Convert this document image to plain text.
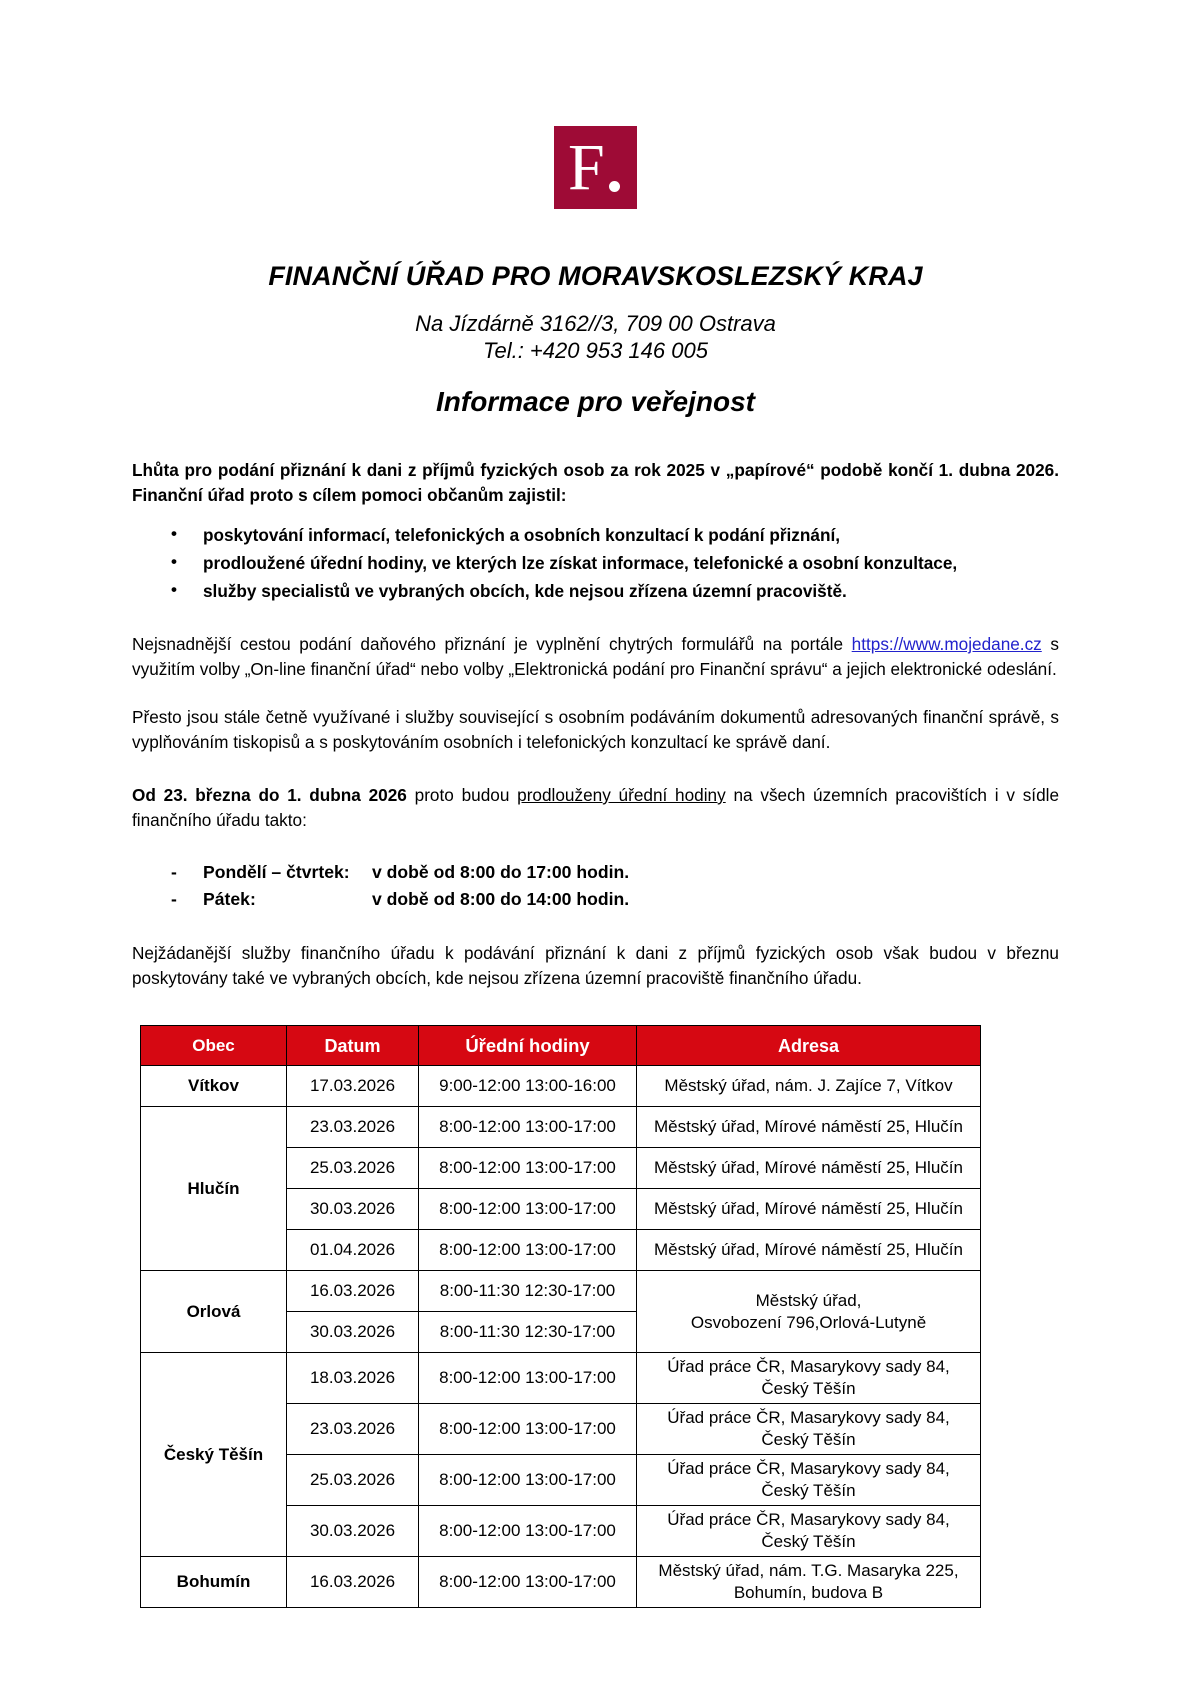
F
FINANČNÍ ÚŘAD PRO MORAVSKOSLEZSKÝ KRAJ

Na Jízdárně 3162//3, 709 00 Ostrava

Tel.: +420 953 146 005

Informace pro veřejnost

Lhůta pro podání přiznání k dani z příjmů fyzických osob za rok 2025 v „papírové“ podobě končí 1. dubna 2026. Finanční úřad proto s cílem pomoci občanům zajistil:

• poskytování informací, telefonických a osobních konzultací k podání přiznání,
• prodloužené úřední hodiny, ve kterých lze získat informace, telefonické a osobní konzultace,
• služby specialistů ve vybraných obcích, kde nejsou zřízena územní pracoviště.

Nejsnadnější cestou podání daňového přiznání je vyplnění chytrých formulářů na portále https://www.mojedane.cz s využitím volby „On-line finanční úřad“ nebo volby „Elektronická podání pro Finanční správu“ a jejich elektronické odeslání.

Přesto jsou stále četně využívané i služby související s osobním podáváním dokumentů adresovaných finanční správě, s vyplňováním tiskopisů a s poskytováním osobních i telefonických konzultací ke správě daní.

Od 23. března do 1. dubna 2026 proto budou prodlouženy úřední hodiny na všech územních pracovištích i v sídle finančního úřadu takto:

- Pondělí – čtvrtek: v době od 8:00 do 17:00 hodin.
- Pátek:	v době od 8:00 do 14:00 hodin.

Nejžádanější služby finančního úřadu k podávání přiznání k dani z příjmů fyzických osob však budou v březnu poskytovány také ve vybraných obcích, kde nejsou zřízena územní pracoviště finančního úřadu.

Obec	Datum	Úřední hodiny	Adresa
Vítkov	17.03.2026	9:00-12:00 13:00-16:00	Městský úřad, nám. J. Zajíce 7, Vítkov
Hlučín	23.03.2026	8:00-12:00 13:00-17:00	Městský úřad, Mírové náměstí 25, Hlučín
	25.03.2026	8:00-12:00 13:00-17:00	Městský úřad, Mírové náměstí 25, Hlučín
	30.03.2026	8:00-12:00 13:00-17:00	Městský úřad, Mírové náměstí 25, Hlučín
	01.04.2026	8:00-12:00 13:00-17:00	Městský úřad, Mírové náměstí 25, Hlučín
Orlová	16.03.2026	8:00-11:30 12:30-17:00	Městský úřad,
Osvobození 796,Orlová-Lutyně
	30.03.2026	8:00-11:30 12:30-17:00	
Český Těšín	18.03.2026	8:00-12:00 13:00-17:00	Úřad práce ČR, Masarykovy sady 84,
Český Těšín
	23.03.2026	8:00-12:00 13:00-17:00	Úřad práce ČR, Masarykovy sady 84,
Český Těšín
	25.03.2026	8:00-12:00 13:00-17:00	Úřad práce ČR, Masarykovy sady 84,
Český Těšín
	30.03.2026	8:00-12:00 13:00-17:00	Úřad práce ČR, Masarykovy sady 84,
Český Těšín
Bohumín	16.03.2026	8:00-12:00 13:00-17:00	Městský úřad, nám. T.G. Masaryka 225,
Bohumín, budova B
